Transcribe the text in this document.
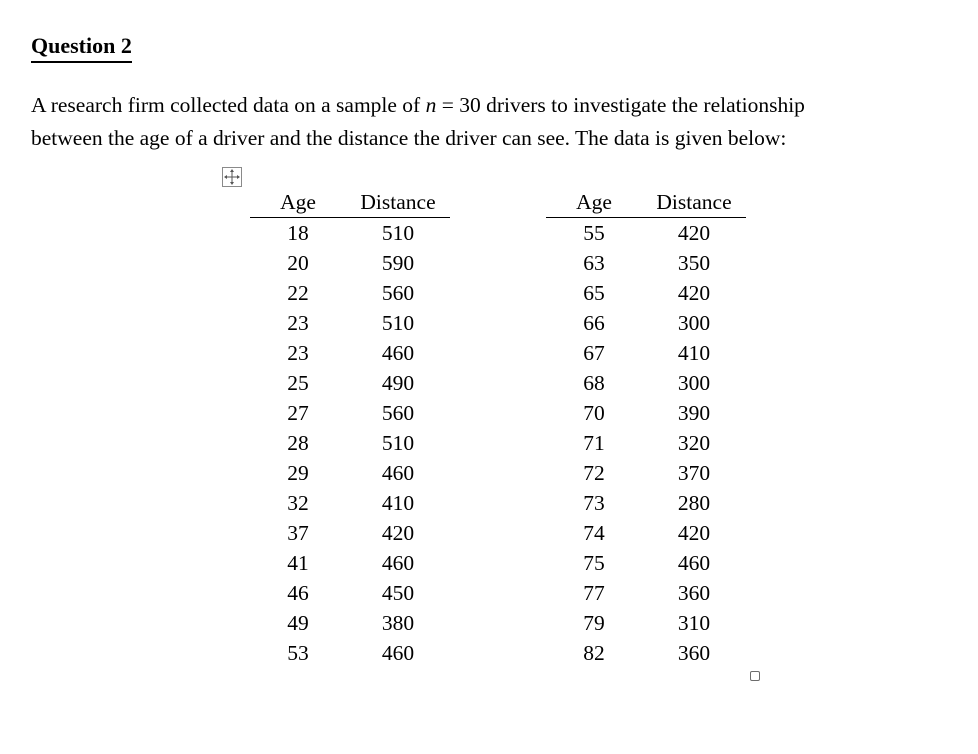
Question 2

A research firm collected data on a sample of n = 30 drivers to investigate the relationship
between the age of a driver and the distance the driver can see. The data is given below:

Age	Distance
18	510
20	590
22	560
23	510
23	460
25	490
27	560
28	510
29	460
32	410
37	420
41	460
46	450
49	380
53	460
Age	Distance
55	420
63	350
65	420
66	300
67	410
68	300
70	390
71	320
72	370
73	280
74	420
75	460
77	360
79	310
82	360
